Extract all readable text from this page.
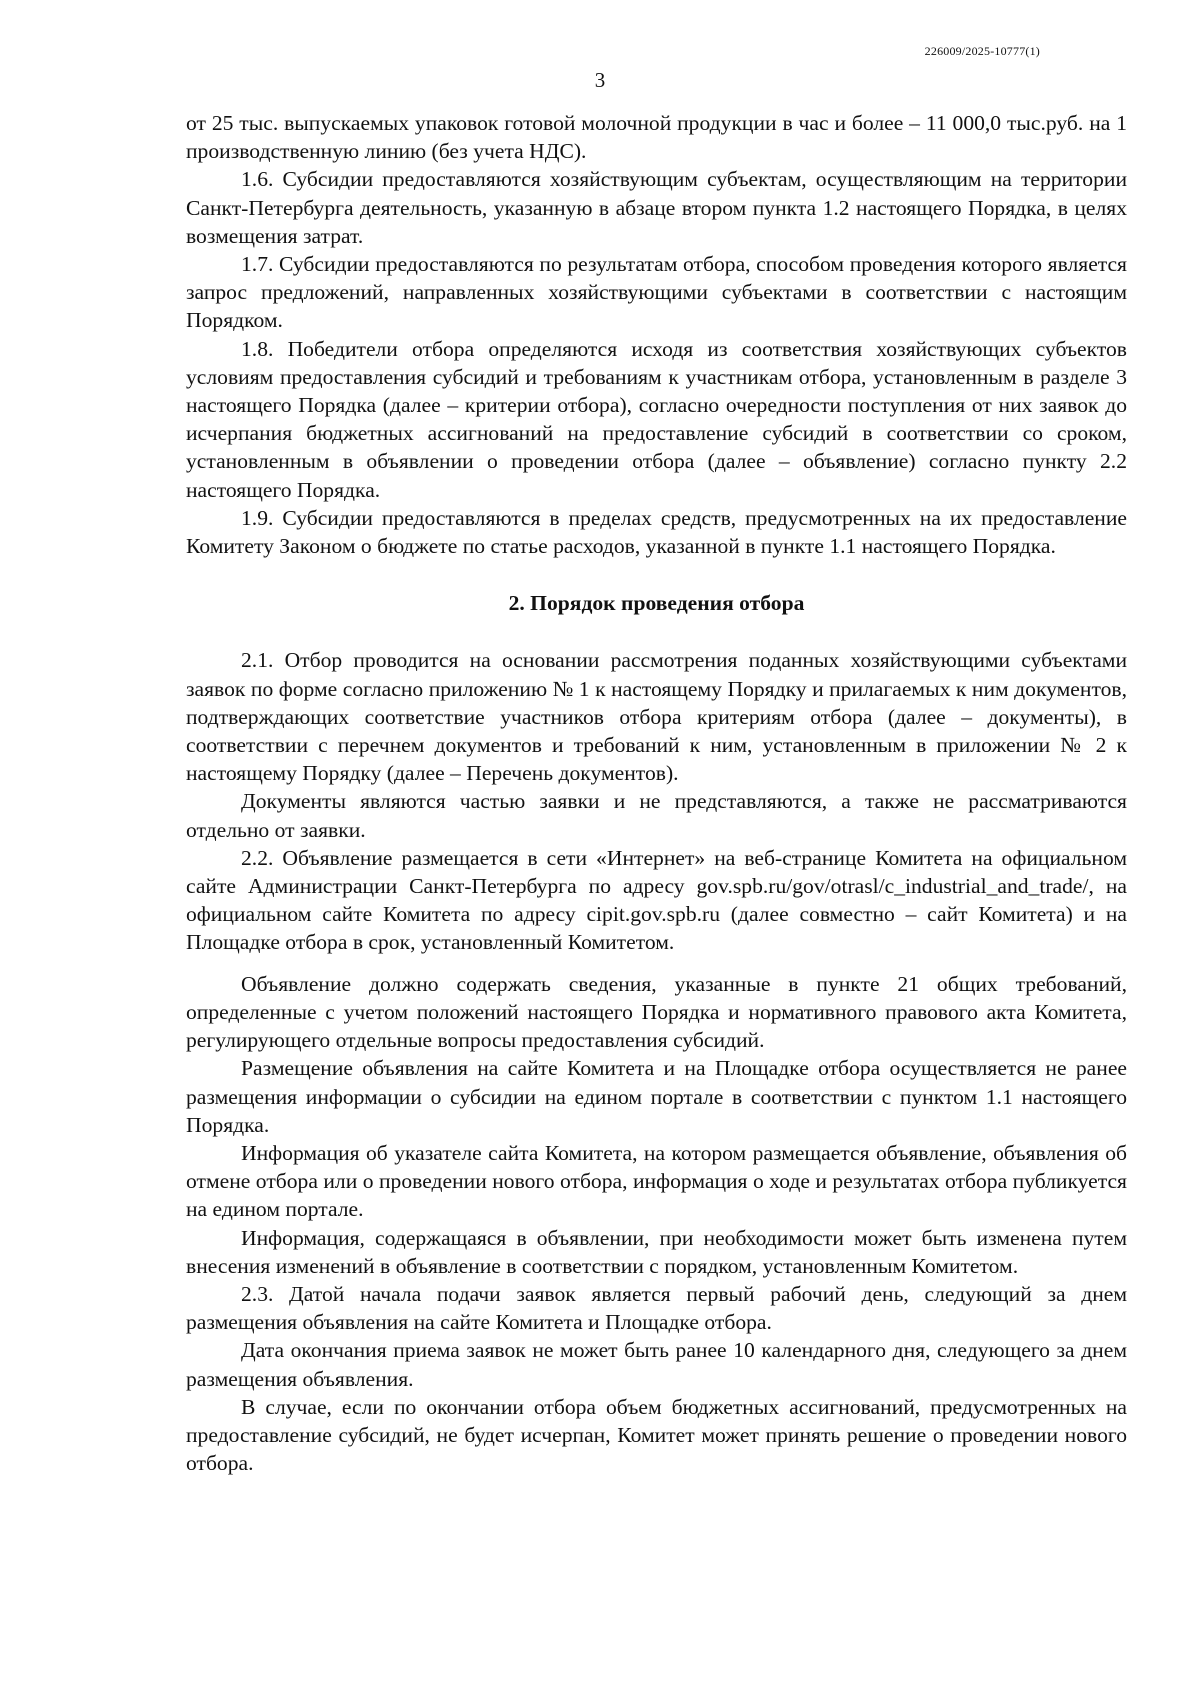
226009/2025-10777(1)
3

от 25 тыс. выпускаемых упаковок готовой молочной продукции в час и более – 11 000,0 тыс.руб. на 1 производственную линию (без учета НДС).

1.6. Субсидии предоставляются хозяйствующим субъектам, осуществляющим на территории Санкт-Петербурга деятельность, указанную в абзаце втором пункта 1.2 настоящего Порядка, в целях возмещения затрат.

1.7. Субсидии предоставляются по результатам отбора, способом проведения которого является запрос предложений, направленных хозяйствующими субъектами в соответствии с настоящим Порядком.

1.8. Победители отбора определяются исходя из соответствия хозяйствующих субъектов условиям предоставления субсидий и требованиям к участникам отбора, установленным в разделе 3 настоящего Порядка (далее – критерии отбора), согласно очередности поступления от них заявок до исчерпания бюджетных ассигнований на предоставление субсидий в соответствии со сроком, установленным в объявлении о проведении отбора (далее – объявление) согласно пункту 2.2 настоящего Порядка.

1.9. Субсидии предоставляются в пределах средств, предусмотренных на их предоставление Комитету Законом о бюджете по статье расходов, указанной в пункте 1.1 настоящего Порядка.

2. Порядок проведения отбора

2.1. Отбор проводится на основании рассмотрения поданных хозяйствующими субъектами заявок по форме согласно приложению № 1 к настоящему Порядку и прилагаемых к ним документов, подтверждающих соответствие участников отбора критериям отбора (далее – документы), в соответствии с перечнем документов и требований к ним, установленным в приложении № 2 к настоящему Порядку (далее – Перечень документов).

Документы являются частью заявки и не представляются, а также не рассматриваются отдельно от заявки.

2.2. Объявление размещается в сети «Интернет» на веб-странице Комитета на официальном сайте Администрации Санкт-Петербурга по адресу gov.spb.ru/gov/otrasl/c_industrial_and_trade/, на официальном сайте Комитета по адресу cipit.gov.spb.ru (далее совместно – сайт Комитета) и на Площадке отбора в срок, установленный Комитетом.

Объявление должно содержать сведения, указанные в пункте 21 общих требований, определенные с учетом положений настоящего Порядка и нормативного правового акта Комитета, регулирующего отдельные вопросы предоставления субсидий.

Размещение объявления на сайте Комитета и на Площадке отбора осуществляется не ранее размещения информации о субсидии на едином портале в соответствии с пунктом 1.1 настоящего Порядка.

Информация об указателе сайта Комитета, на котором размещается объявление, объявления об отмене отбора или о проведении нового отбора, информация о ходе и результатах отбора публикуется на едином портале.

Информация, содержащаяся в объявлении, при необходимости может быть изменена путем внесения изменений в объявление в соответствии с порядком, установленным Комитетом.

2.3. Датой начала подачи заявок является первый рабочий день, следующий за днем размещения объявления на сайте Комитета и Площадке отбора.

Дата окончания приема заявок не может быть ранее 10 календарного дня, следующего за днем размещения объявления.

В случае, если по окончании отбора объем бюджетных ассигнований, предусмотренных на предоставление субсидий, не будет исчерпан, Комитет может принять решение о проведении нового отбора.
